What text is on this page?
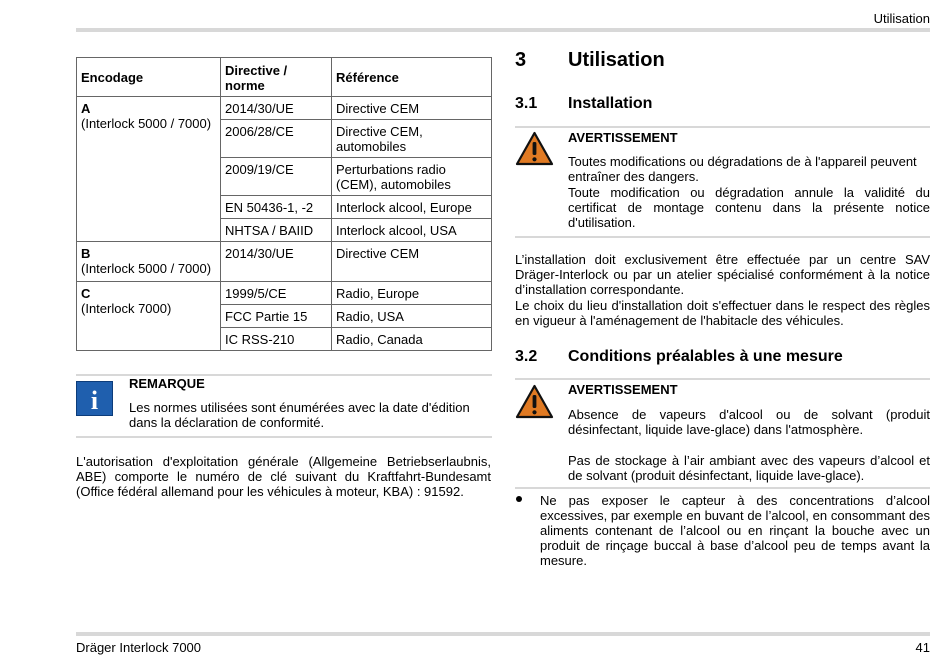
Utilisation
Encodage	Directive / norme	Référence
A
(Interlock 5000 / 7000)	2014/30/UE	Directive CEM
	2006/28/CE	Directive CEM, automobiles
	2009/19/CE	Perturbations radio (CEM), automobiles
	EN 50436-1, -2	Interlock alcool, Europe
	NHTSA / BAIID	Interlock alcool, USA
B
(Interlock 5000 / 7000)	2014/30/UE	Directive CEM
C
(Interlock 7000)	1999/5/CE	Radio, Europe
	FCC Partie 15	Radio, USA
	IC RSS-210	Radio, Canada
i
REMARQUE
Les normes utilisées sont énumérées avec la date d'édition dans la déclaration de conformité.
L'autorisation d'exploitation générale (Allgemeine Betriebserlaubnis, ABE) comporte le numéro de clé suivant du Kraftfahrt-Bundesamt (Office fédéral allemand pour les véhicules à moteur, KBA) : 91592.
3 Utilisation
3.1 Installation
AVERTISSEMENT
Toutes modifications ou dégradations de à l'appareil peuvent entraîner des dangers.
Toute modification ou dégradation annule la validité du certificat de montage contenu dans la présente notice d'utilisation.
L’installation doit exclusivement être effectuée par un centre SAV Dräger-Interlock ou par un atelier spécialisé conformément à la notice d’installation correspondante.
Le choix du lieu d'installation doit s'effectuer dans le respect des règles en vigueur à l'aménagement de l'habitacle des véhicules.
3.2 Conditions préalables à une mesure
AVERTISSEMENT
Absence de vapeurs d'alcool ou de solvant (produit désinfectant, liquide lave-glace) dans l'atmosphère.
Pas de stockage à l’air ambiant avec des vapeurs d’alcool et de solvant (produit désinfectant, liquide lave-glace).
Ne pas exposer le capteur à des concentrations d’alcool excessives, par exemple en buvant de l’alcool, en consommant des aliments contenant de l’alcool ou en rinçant la bouche avec un produit de rinçage buccal à base d’alcool peu de temps avant la mesure.
Dräger Interlock 7000	41
